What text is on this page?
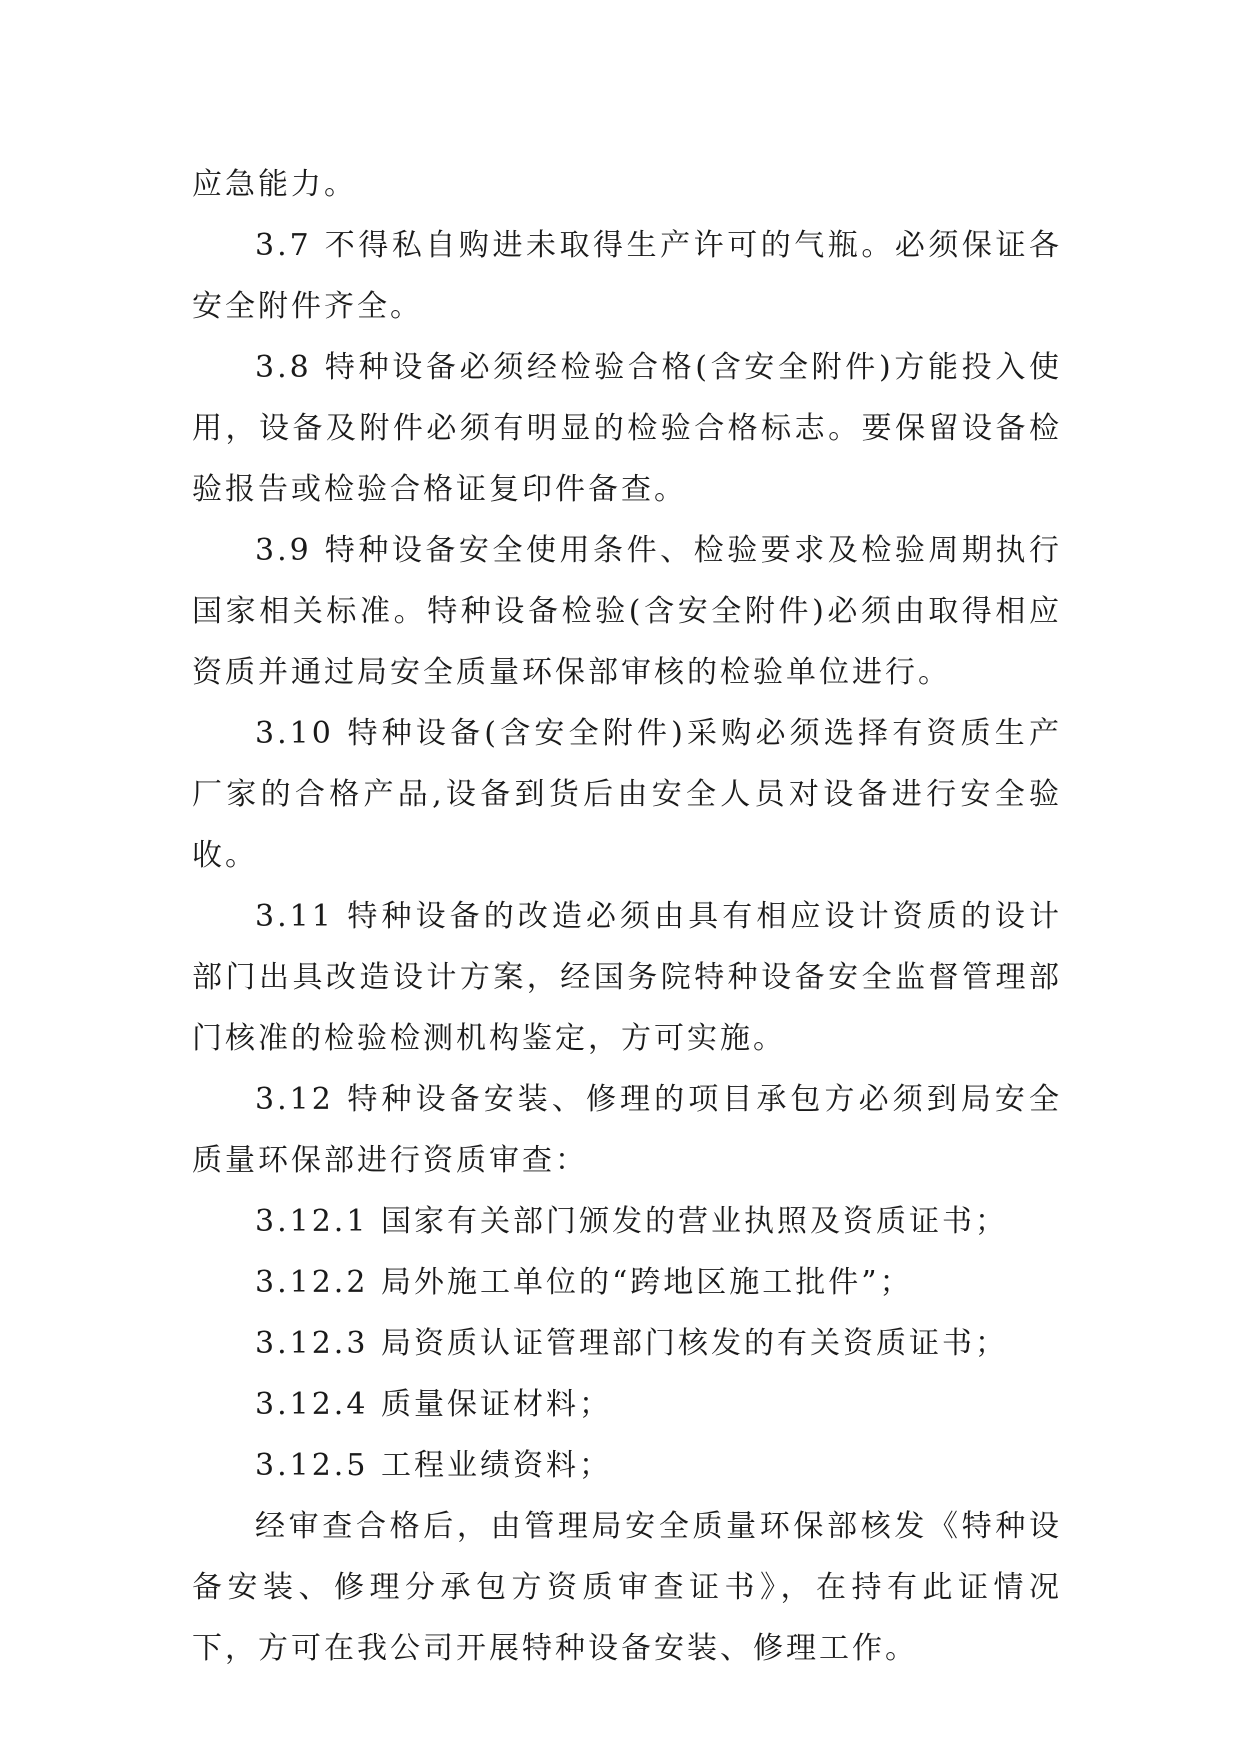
应急能力。

3.7 不得私自购进未取得生产许可的气瓶。必须保证各安全附件齐全。

3.8 特种设备必须经检验合格(含安全附件)方能投入使用，设备及附件必须有明显的检验合格标志。要保留设备检验报告或检验合格证复印件备查。

3.9 特种设备安全使用条件、检验要求及检验周期执行国家相关标准。特种设备检验(含安全附件)必须由取得相应资质并通过局安全质量环保部审核的检验单位进行。

3.10 特种设备(含安全附件)采购必须选择有资质生产厂家的合格产品,设备到货后由安全人员对设备进行安全验收。

3.11 特种设备的改造必须由具有相应设计资质的设计部门出具改造设计方案，经国务院特种设备安全监督管理部门核准的检验检测机构鉴定，方可实施。

3.12 特种设备安装、修理的项目承包方必须到局安全质量环保部进行资质审查：

3.12.1 国家有关部门颁发的营业执照及资质证书；

3.12.2 局外施工单位的“跨地区施工批件”；

3.12.3 局资质认证管理部门核发的有关资质证书；

3.12.4 质量保证材料；

3.12.5 工程业绩资料；

经审查合格后，由管理局安全质量环保部核发《特种设备安装、修理分承包方资质审查证书》，在持有此证情况下，方可在我公司开展特种设备安装、修理工作。
